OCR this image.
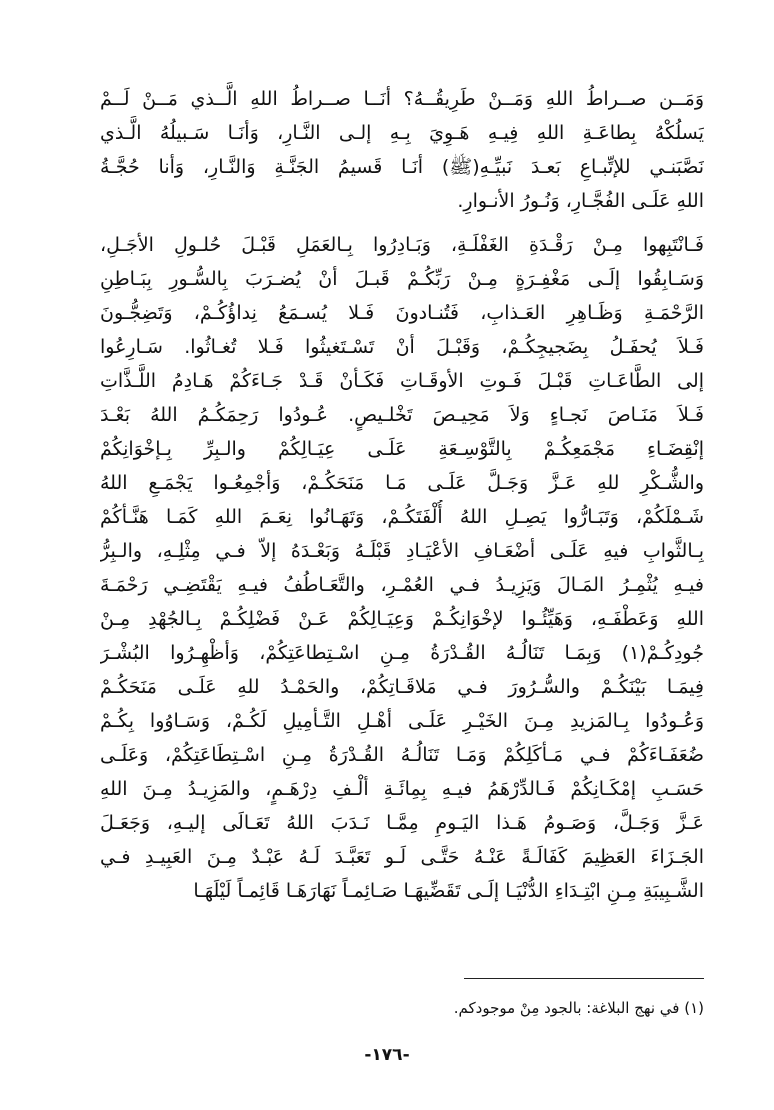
وَمَــن صــراطُ اللهِ وَمَــنْ طَرِيقُــهُ؟ أنَــا صــراطُ اللهِ الَّــذي مَــنْ لَــمْ
يَسلُكْهُ بِطاعَـةِ اللهِ فِيـهِ هَـوِيَ بِـهِ إلـى النَّـارِ، وَأنَـا سَـبيلُهُ الَّـذي
نَصَّبَنـي للإتِّبـاعِ بَعـدَ نَبيِّـهِ(ﷺ) أنَـا قَسيمُ الجَنَّـةِ وَالنَّـارِ، وَأنا حُجَّـةُ
اللهِ عَلَـى الفُجَّـارِ، وَنُـورُ الأنـوارِ.
فَـانْتَبِهوا مِـنْ رَقْـدَةِ الغَفْلَـةِ، وَبَـادِرُوا بِـالعَمَلِ قَبْـلَ حُلـولِ الأجَـلِ،
وَسَـابِقُوا إلَـى مَغْفِـرَةٍ مِـنْ رَبِّكُـمْ قَبـلَ أنْ يُضـرَبَ بِالسُّـورِ بِبَـاطِنِ
الرَّحْمَـةِ وَظَـاهِرِ العَـذابِ، فَتُنـادونَ فَـلا يُسـمَعُ نِداؤُكُـمْ، وَتَضِجُّـونَ
فَـلاَ يُحفَـلُ بِضَجيجِكُـمْ، وَقَبْـلَ أنْ تَسْـتَغيثُوا فَـلا تُغـاثُوا. سَـارِعُوا
إلى الطَّاعَـاتِ قَبْـلَ فَـوتِ الأوقَـاتِ فَكَـأنْ قَـدْ جَـاءَكُمْ هَـادِمُ اللَّـذَّاتِ
فَـلاَ مَنَـاصَ نَجـاءٍ وَلاَ مَحِيـصَ تَخْلـيصٍ. عُـودُوا رَحِمَكُـمُ اللهُ بَعْـدَ
إنْقِضَـاءِ مَجْمَعِكُـمْ بِالتَّوْسِـعَةِ عَلَـى عِيَـالِكُمْ والـبِرِّ بِـإخْوَانِكُمْ
والشُّـكْرِ للهِ عَـزَّ وَجَـلَّ عَلَـى مَـا مَنَحَكُـمْ، وَأجْمِعُـوا يَجْمَـعِ اللهُ
شَـمْلَكُمْ، وَتَبَـارُّوا يَصِـلِ اللهُ أُلْفَتَكُـمْ، وَتَهَـانُوا نِعَـمَ اللهِ كَمَـا هَنَّـأكُمْ
بِـالثَّوابِ فيهِ عَلَـى أضْعَـافِ الأعْيَـادِ قَبْلَـهُ وَبَعْـدَهُ إلاّ فـي مِثْلِـهِ، والـبِرُّ
فيـهِ يُثْمِـرُ المَـالَ وَيَزِيـدُ فـي العُمْـرِ، والتَّعَـاطُفُ فيـهِ يَقْتَضِـي رَحْمَـةَ
اللهِ وَعَطْفَـهِ، وَهَيِّئُـوا لإخْوَانِكُـمْ وَعِيَـالِكُمْ عَـنْ فَضْلِكُـمْ بِـالجُهْدِ مِـنْ
جُودِكُـمْ(١) وَبِمَـا تَنَالُـهُ القُـدْرَةُ مِـنِ اسْـتِطاعَتِكُمْ، وَأظْهِـرُوا البُشْـرَ
فِيمَـا بَيْنَكُـمْ والسُّـرُورَ فـي مَلاقَـاتِكُمْ، والحَمْـدُ للهِ عَلَـى مَنَحَكُـمْ
وَعُـودُوا بِـالمَزيدِ مِـنَ الخَيْـرِ عَلَـى أهْـلِ التَّـأمِيلِ لَكُـمْ، وَسَـاوُوا بِكُـمْ
ضُعَفَـاءَكُمْ فـي مَـأكَلِكُمْ وَمَـا تَنَالُـهُ القُـدْرَةُ مِـنِ اسْـتِطَاعَتِكُمْ، وَعَلَـى
حَسَـبِ إمْكَـانِكُمْ فَـالدِّرْهَمُ فيـهِ بِمِائَـةِ ألْـفِ دِرْهَـمٍ، والمَزِيـدُ مِـنَ اللهِ
عَـزَّ وَجَـلَّ، وَصَـومُ هَـذا اليَـومِ مِمَّـا نَـدَبَ اللهُ تَعَـالَى إليـهِ، وَجَعَـلَ
الجَـزَاءَ العَظِيمَ كَفَالَـةً عَنْـهُ حَتَّـى لَـو تَعَبَّـدَ لَـهُ عَبْـدٌ مِـنَ العَبِيـدِ فـي
الشَّـبِيبَةِ مِـنِ ابْتِـدَاءِ الدُّنْيَـا إلَـى تَقَضِّيهَـا صَـائِمـاً نَهَارَهَـا قَائِمـاً لَيْلَهَـا
(١) في نهج البلاغة: بالجود مِنْ موجودكم.
-١٧٦-
